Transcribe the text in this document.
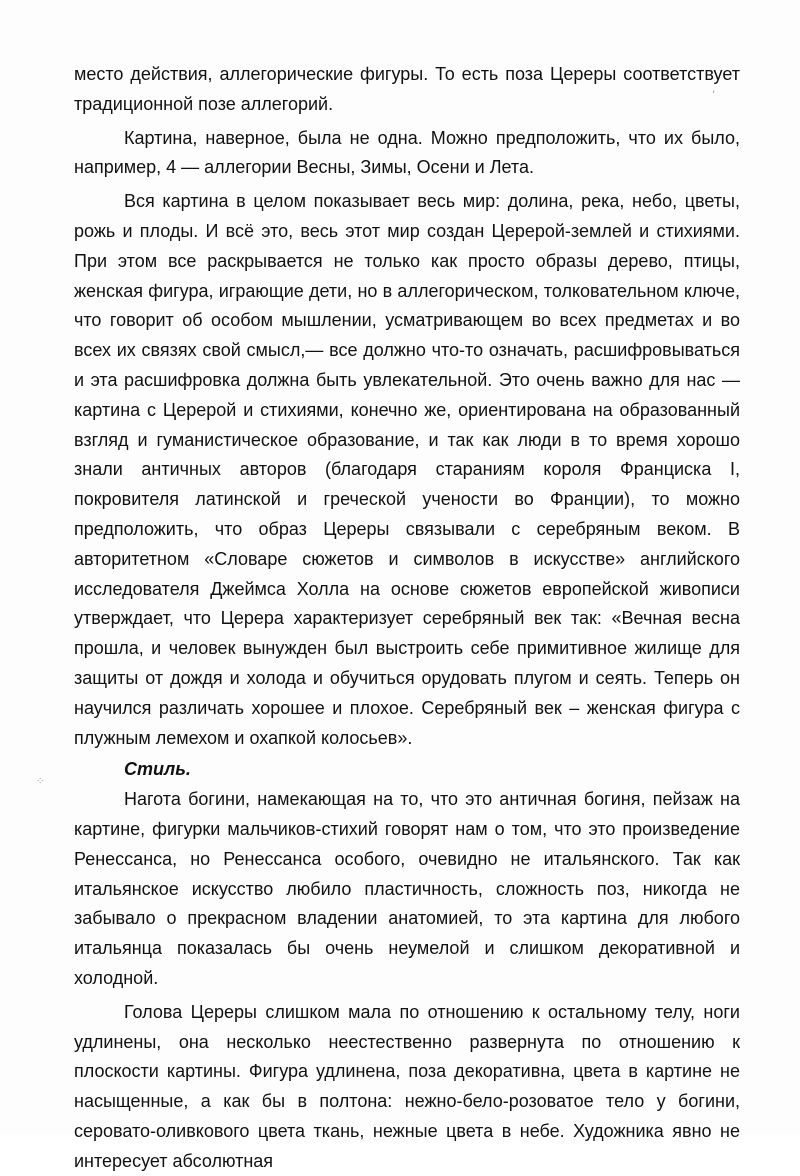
место действия, аллегорические фигуры. То есть поза Цереры соответствует традиционной позе аллегорий.

Картина, наверное, была не одна. Можно предположить, что их было, например, 4 — аллегории Весны, Зимы, Осени и Лета.

Вся картина в целом показывает весь мир: долина, река, небо, цветы, рожь и плоды. И всё это, весь этот мир создан Церерой-землей и стихиями. При этом все раскрывается не только как просто образы дерево, птицы, женская фигура, играющие дети, но в аллегорическом, толковательном ключе, что говорит об особом мышлении, усматривающем во всех предметах и во всех их связях свой смысл,— все должно что-то означать, расшифровываться и эта расшифровка должна быть увлекательной. Это очень важно для нас — картина с Церерой и стихиями, конечно же, ориентирована на образованный взгляд и гуманистическое образование, и так как люди в то время хорошо знали античных авторов (благодаря стараниям короля Франциска I, покровителя латинской и греческой учености во Франции), то можно предположить, что образ Цереры связывали с серебряным веком. В авторитетном «Словаре сюжетов и символов в искусстве» английского исследователя Джеймса Холла на основе сюжетов европейской живописи утверждает, что Церера характеризует серебряный век так: «Вечная весна прошла, и человек вынужден был выстроить себе примитивное жилище для защиты от дождя и холода и обучиться орудовать плугом и сеять. Теперь он научился различать хорошее и плохое. Серебряный век – женская фигура с плужным лемехом и охапкой колосьев».

Стиль.

Нагота богини, намекающая на то, что это античная богиня, пейзаж на картине, фигурки мальчиков-стихий говорят нам о том, что это произведение Ренессанса, но Ренессанса особого, очевидно не итальянского. Так как итальянское искусство любило пластичность, сложность поз, никогда не забывало о прекрасном владении анатомией, то эта картина для любого итальянца показалась бы очень неумелой и слишком декоративной и холодной.

Голова Цереры слишком мала по отношению к остальному телу, ноги удлинены, она несколько неестественно развернута по отношению к плоскости картины. Фигура удлинена, поза декоративна, цвета в картине не насыщенные, а как бы в полтона: нежно-бело-розоватое тело у богини, серовато-оливкового цвета ткань, нежные цвета в небе. Художника явно не интересует абсолютная

‚
⁘
